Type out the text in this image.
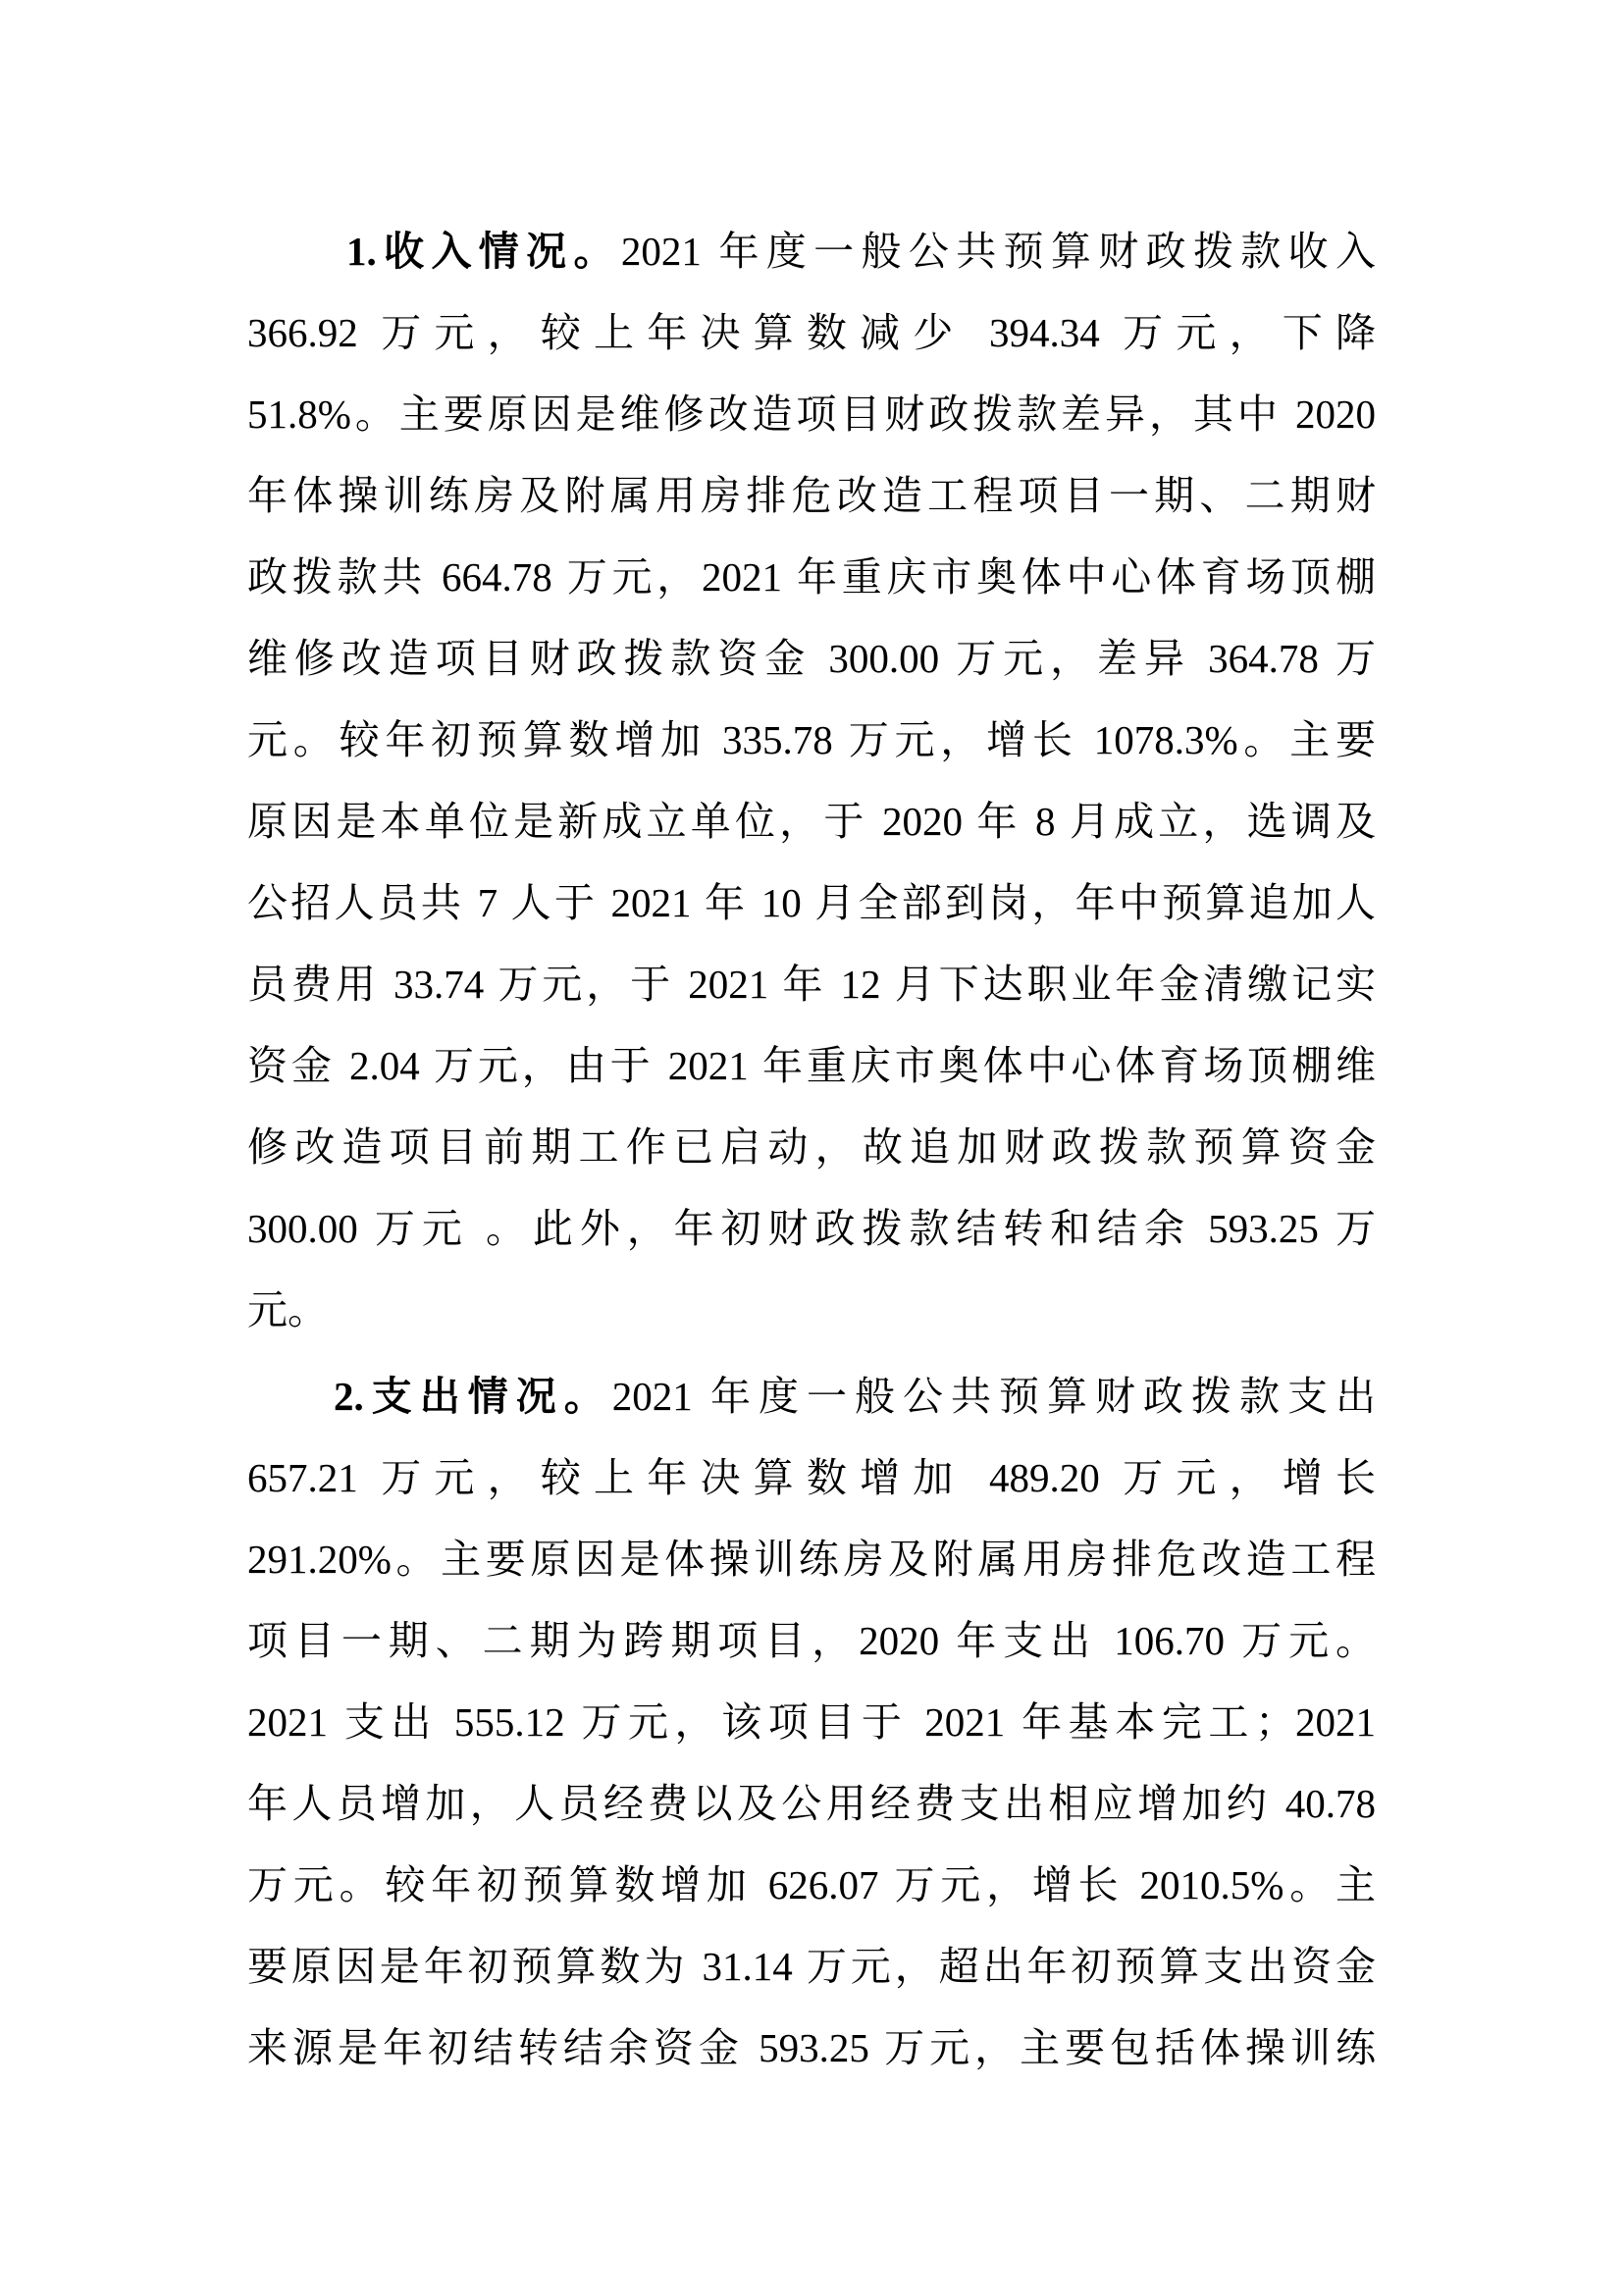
1.收入情况。2021 年度一般公共预算财政拨款收入
366.92 万元，较上年决算数减少 394.34 万元，下降
51.8%。主要原因是维修改造项目财政拨款差异，其中 2020
年体操训练房及附属用房排危改造工程项目一期、二期财
政拨款共 664.78 万元，2021 年重庆市奥体中心体育场顶棚
维修改造项目财政拨款资金 300.00 万元，差异 364.78 万
元。较年初预算数增加 335.78 万元，增长 1078.3%。主要
原因是本单位是新成立单位，于 2020 年 8 月成立，选调及
公招人员共 7 人于 2021 年 10 月全部到岗，年中预算追加人
员费用 33.74 万元，于 2021 年 12 月下达职业年金清缴记实
资金 2.04 万元，由于 2021 年重庆市奥体中心体育场顶棚维
修改造项目前期工作已启动，故追加财政拨款预算资金
300.00 万元 。此外，年初财政拨款结转和结余 593.25 万
元。
2.支出情况。2021 年度一般公共预算财政拨款支出
657.21 万元，较上年决算数增加 489.20 万元，增长
291.20%。主要原因是体操训练房及附属用房排危改造工程
项目一期、二期为跨期项目，2020 年支出 106.70 万元。
2021 支出 555.12 万元，该项目于 2021 年基本完工；2021
年人员增加，人员经费以及公用经费支出相应增加约 40.78
万元。较年初预算数增加 626.07 万元，增长 2010.5%。主
要原因是年初预算数为 31.14 万元，超出年初预算支出资金
来源是年初结转结余资金 593.25 万元，主要包括体操训练
